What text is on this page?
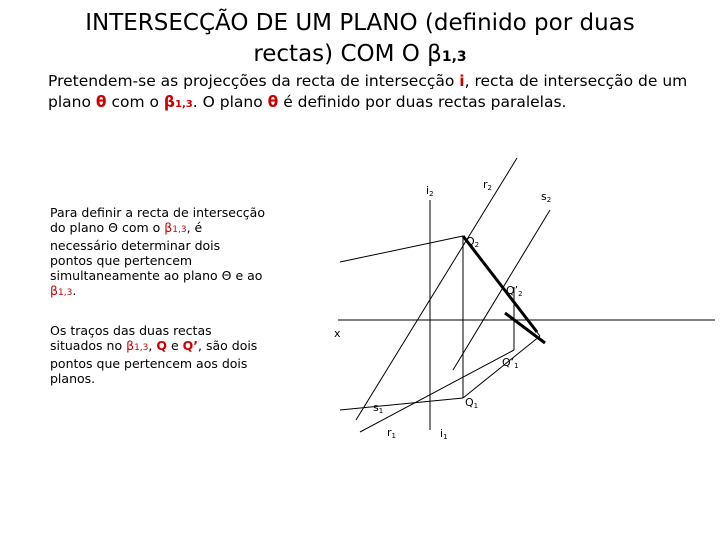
INTERSECÇÃO DE UM PLANO (definido por duas
rectas) COM O β1,3
Pretendem-se as projecções da recta de intersecção i, recta de intersecção de um plano θ com o β1,3. O plano θ é definido por duas rectas paralelas.
Para definir a recta de intersecção do plano Θ com o β1,3, é necessário determinar dois pontos que pertencem simultaneamente ao plano Θ e ao β1,3.
Os traços das duas rectas situados no β1,3, Q e Q’, são dois pontos que pertencem aos dois planos.
i2
r2
s2
Q2
Q’2
x
Q’1
Q1
s1
r1	i1
